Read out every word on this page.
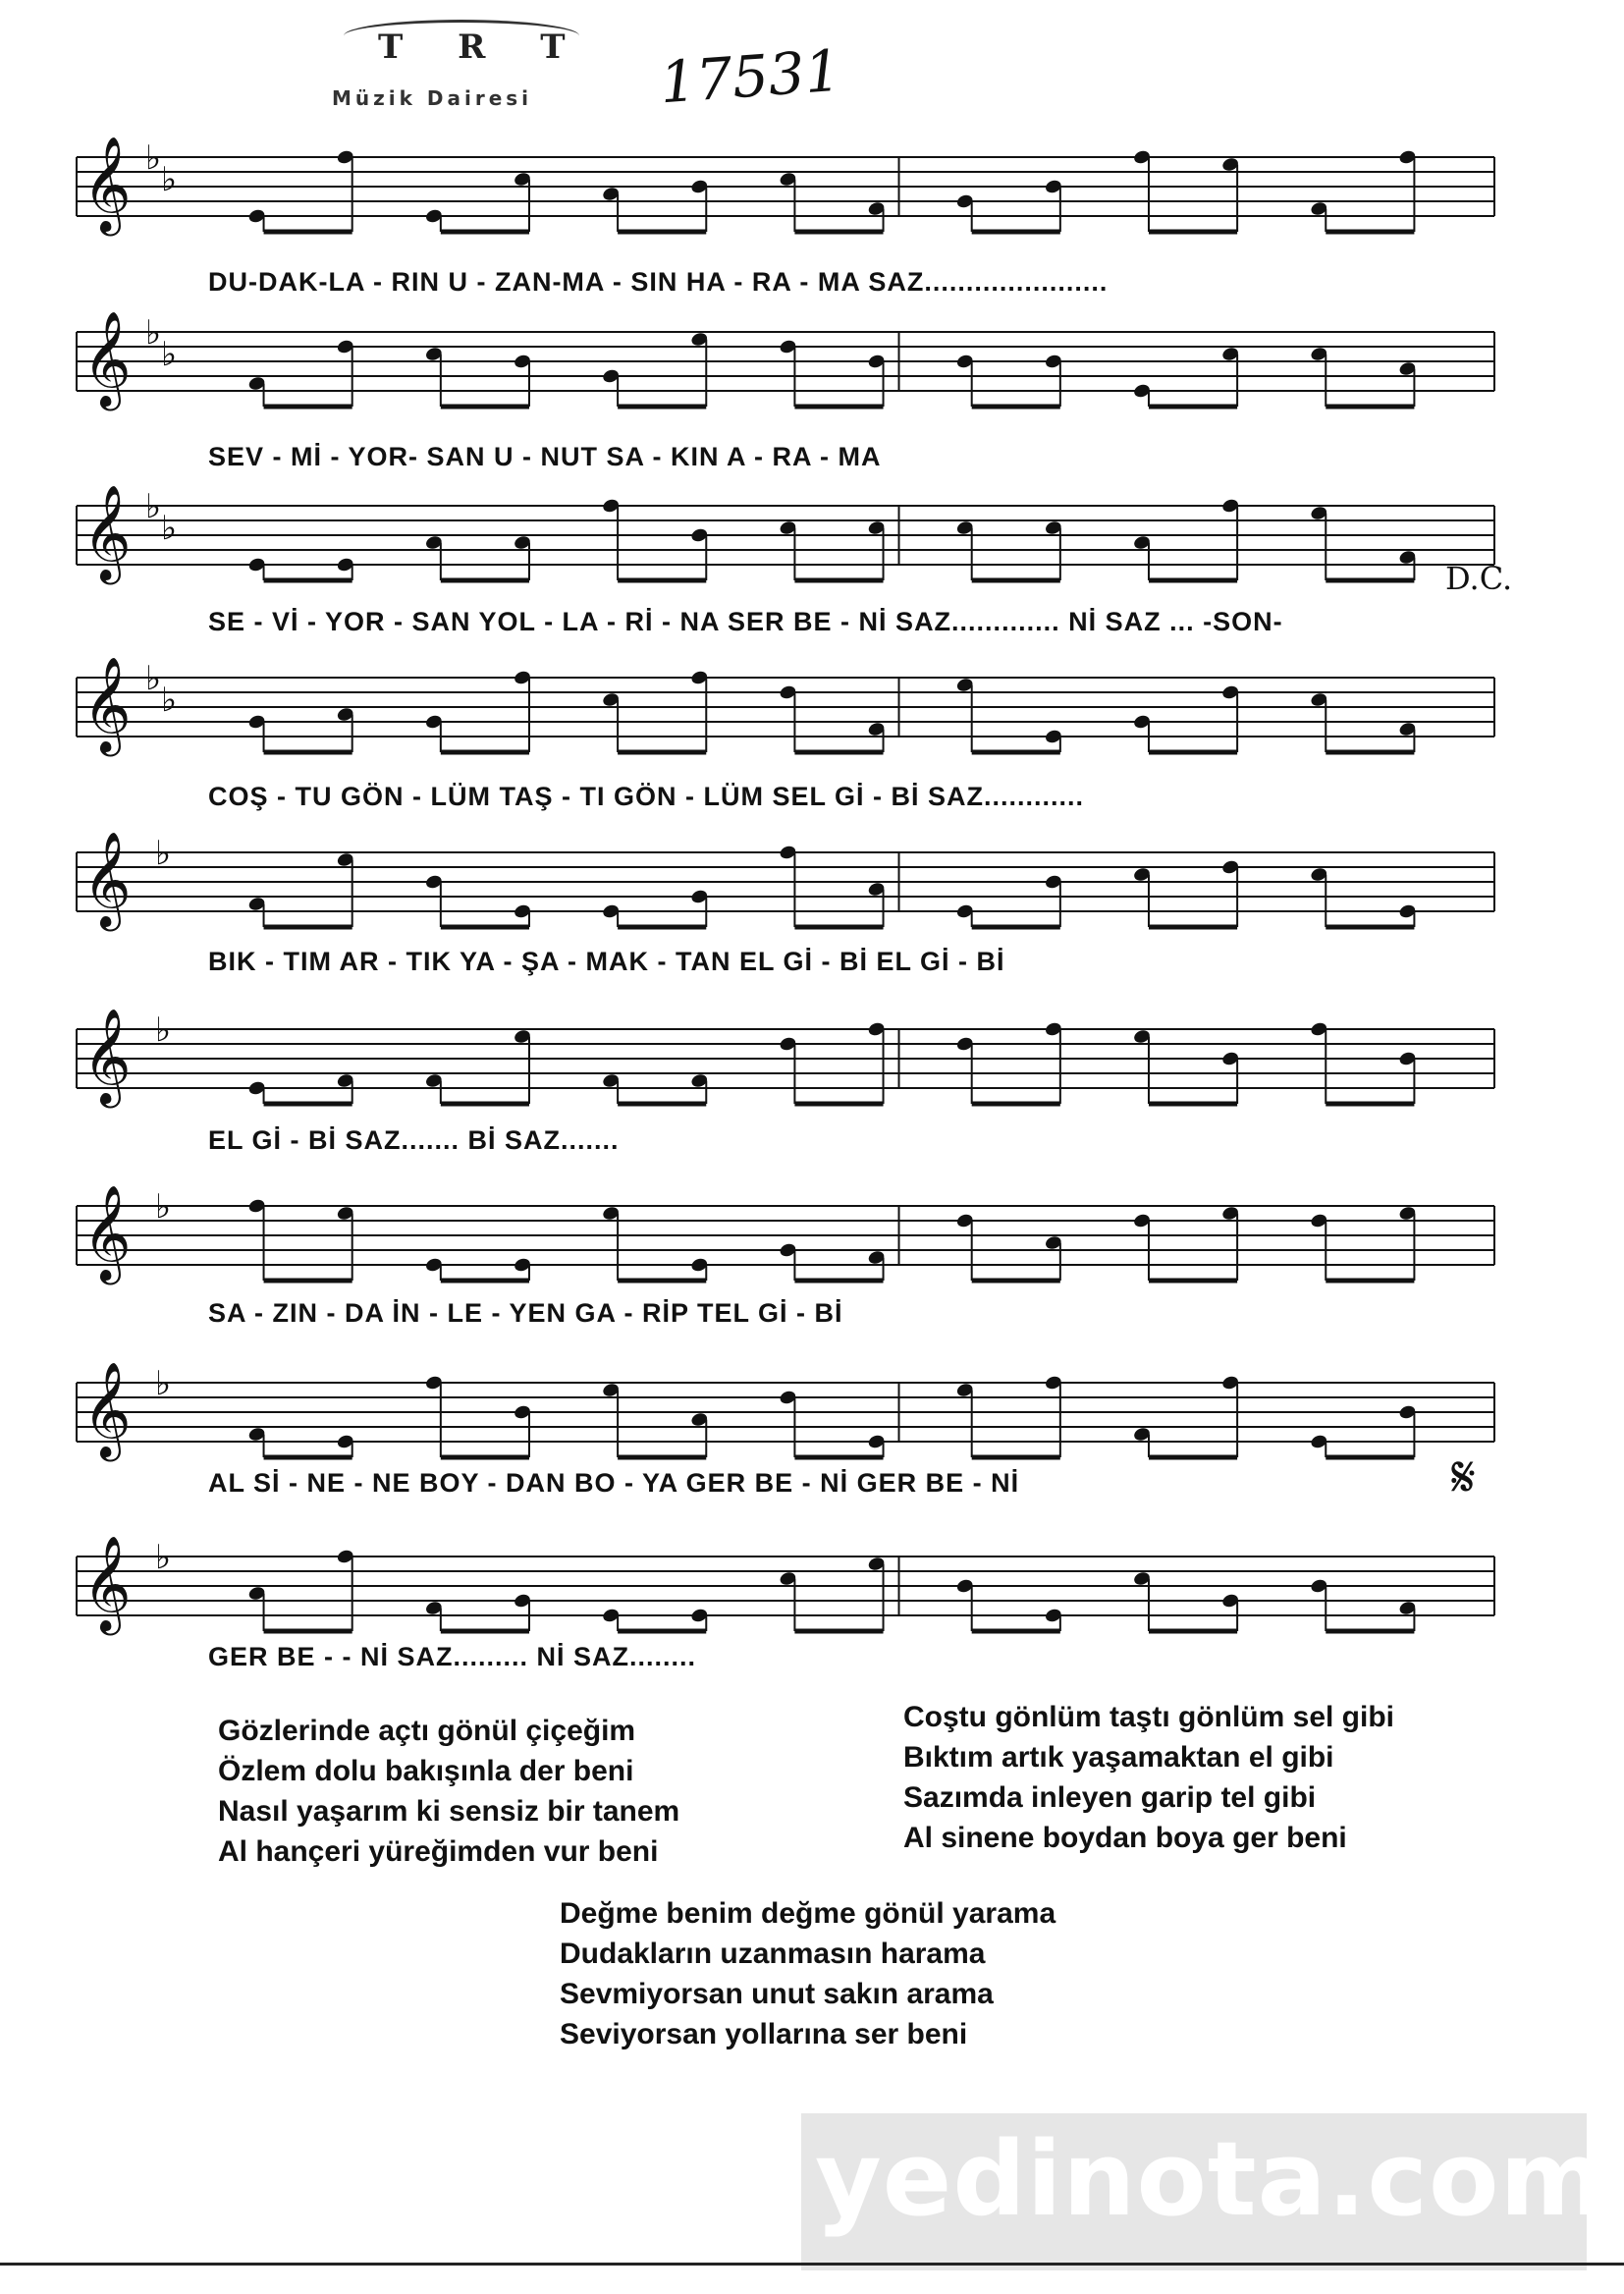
T R T
Müzik Dairesi 17531
𝄞 ♭
♭
𝄞 ♭
♭
𝄞 ♭
♭
𝄞 ♭
♭
𝄞 ♭
𝄞 ♭
𝄞 ♭
𝄞 ♭
𝄞 ♭
DU-DAK-LA - RIN U - ZAN-MA - SIN HA - RA - MA SAZ......................
SEV - Mİ - YOR- SAN U - NUT SA - KIN A - RA - MA
SE - Vİ - YOR - SAN YOL - LA - Rİ - NA SER BE - Nİ SAZ............. Nİ SAZ ... -SON-
COŞ - TU GÖN - LÜM TAŞ - TI GÖN - LÜM SEL Gİ - Bİ SAZ............
BIK - TIM AR - TIK YA - ŞA - MAK - TAN EL Gİ - Bİ EL Gİ - Bİ
EL Gİ - Bİ SAZ....... Bİ SAZ.......
SA - ZIN - DA İN - LE - YEN GA - RİP TEL Gİ - Bİ
AL Sİ - NE - NE BOY - DAN BO - YA GER BE - Nİ GER BE - Nİ
GER BE - - Nİ SAZ......... Nİ SAZ........
D.C.
𝄋
Gözlerinde açtı gönül çiçeğim
Özlem dolu bakışınla der beni
Nasıl yaşarım ki sensiz bir tanem
Al hançeri yüreğimden vur beni
Coştu gönlüm taştı gönlüm sel gibi
Bıktım artık yaşamaktan el gibi
Sazımda inleyen garip tel gibi
Al sinene boydan boya ger beni
Değme benim değme gönül yarama
Dudakların uzanmasın harama
Sevmiyorsan unut sakın arama
Seviyorsan yollarına ser beni
yedinota.com
